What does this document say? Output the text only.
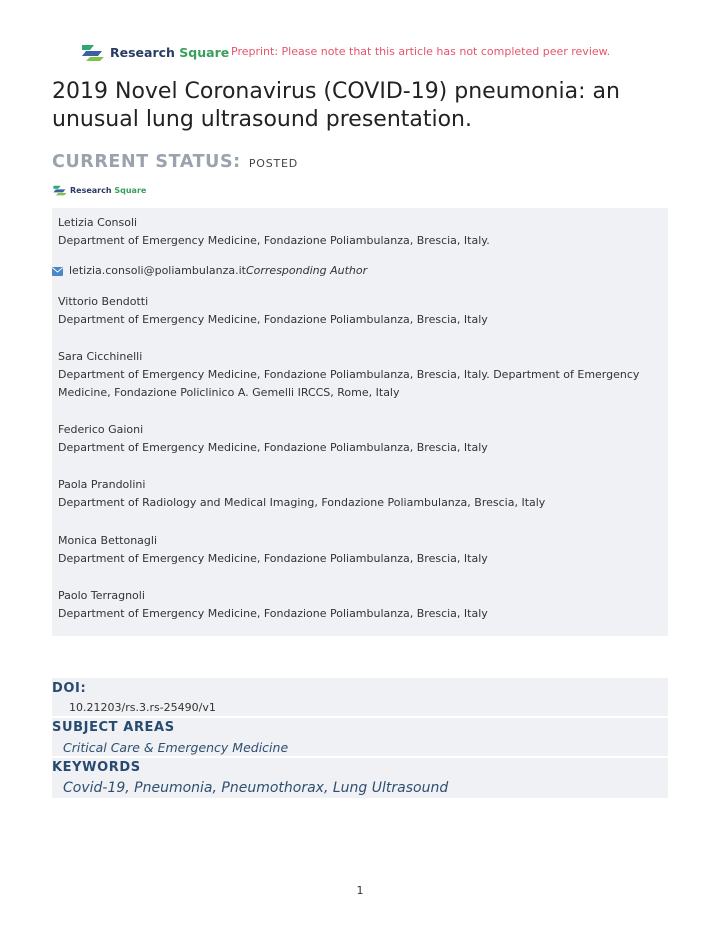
Research Square Preprint: Please note that this article has not completed peer review.
2019 Novel Coronavirus (COVID-19) pneumonia: an unusual lung ultrasound presentation.
CURRENT STATUS: POSTED
Research Square
Letizia Consoli
Department of Emergency Medicine, Fondazione Poliambulanza, Brescia, Italy.
letizia.consoli@poliambulanza.it Corresponding Author
Vittorio Bendotti
Department of Emergency Medicine, Fondazione Poliambulanza, Brescia, Italy
Sara Cicchinelli
Department of Emergency Medicine, Fondazione Poliambulanza, Brescia, Italy. Department of Emergency Medicine, Fondazione Policlinico A. Gemelli IRCCS, Rome, Italy
Federico Gaioni
Department of Emergency Medicine, Fondazione Poliambulanza, Brescia, Italy
Paola Prandolini
Department of Radiology and Medical Imaging, Fondazione Poliambulanza, Brescia, Italy
Monica Bettonagli
Department of Emergency Medicine, Fondazione Poliambulanza, Brescia, Italy
Paolo Terragnoli
Department of Emergency Medicine, Fondazione Poliambulanza, Brescia, Italy
DOI:
10.21203/rs.3.rs-25490/v1
SUBJECT AREAS
Critical Care & Emergency Medicine
KEYWORDS
Covid-19, Pneumonia, Pneumothorax, Lung Ultrasound
1
